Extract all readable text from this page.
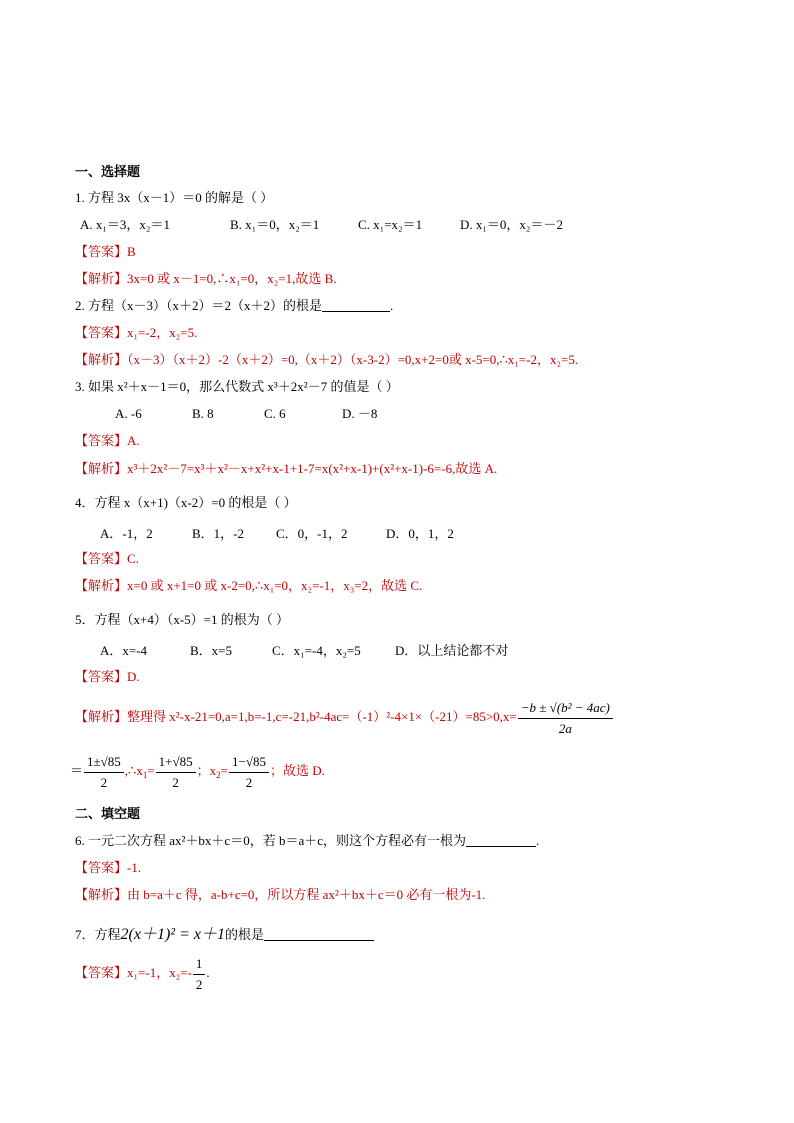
一、选择题
1. 方程 3x（x－1）＝0 的解是（ ）
A. x₁＝3，x₂＝1	B. x₁＝0，x₂＝1	C. x₁=x₂＝1	D. x₁＝0，x₂＝－2
【答案】B
【解析】3x=0 或 x－1=0,∴x₁=0，x₂=1,故选 B.
2. 方程（x－3）（x＋2）＝2（x＋2）的根是	.
【答案】x₁=-2，x₂=5.
【解析】（x－3）（x＋2）-2（x＋2）=0,（x＋2）（x-3-2）=0,x+2=0或 x-5=0,∴x₁=-2，x₂=5.
3. 如果 x²＋x－1＝0，那么代数式 x³＋2x²－7 的值是（ ）
A. -6	B. 8	C. 6	D. －8
【答案】A.
【解析】x³＋2x²－7=x³＋x²－x+x²+x-1+1-7=x(x²+x-1)+(x²+x-1)-6=-6,故选 A.
4．方程 x（x+1)（x-2）=0 的根是（ ）
A．-1，2	B．1，-2 C．0，-1，2	D．0，1，2
【答案】C.
【解析】x=0 或 x+1=0 或 x-2=0,∴x₁=0，x₂=-1，x₃=2，故选 C.
5．方程（x+4）（x-5）=1 的根为（ ）
A．x=-4	B．x=5	C．x₁=-4，x₂=5	D．以上结论都不对
【答案】D.
【解析】整理得 $x^2-x-21=0,a=1,b=-1,c=-21,b^2-4ac=(-1)^2-4\times 1\times(-21)=85>0,x= \frac{\text{−b ± √(b² − 4ac)}}{2a}$
＝ $\frac{1\pm√85}{2}$ $,\therefore x_1= \frac{1+√85}{2}$ ；$x_2= \frac{1-√85}{2}$ ；故选 D.
二、填空题
6. 一元二次方程 ax²＋bx＋c＝0，若 b＝a＋c，则这个方程必有一根为	.
【答案】-1.
【解析】由 b=a＋c 得，a-b+c=0，所以方程 ax²＋bx＋c＝0 必有一根为-1.
7．方程2(x＋1)² = x＋1的根是
【答案】x₁=-1，$x_2=- \frac{1}{2}$ .
